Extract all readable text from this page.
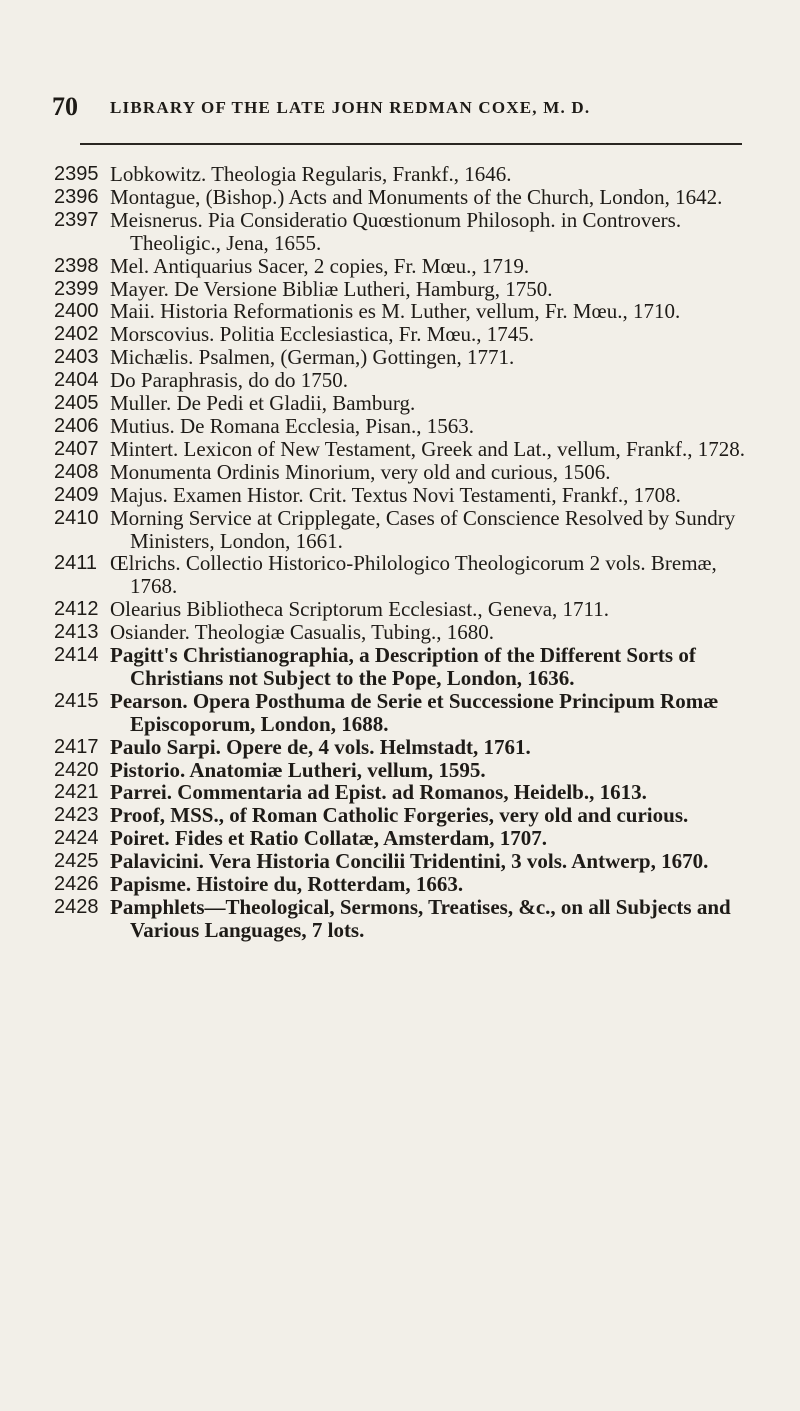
70 LIBRARY OF THE LATE JOHN REDMAN COXE, M. D.
2395 Lobkowitz. Theologia Regularis, Frankf., 1646.
2396 Montague, (Bishop.) Acts and Monuments of the Church, London, 1642.
2397 Meisnerus. Pia Consideratio Quœstionum Philosoph. in Controvers. Theoligic., Jena, 1655.
2398 Mel. Antiquarius Sacer, 2 copies, Fr. Mœu., 1719.
2399 Mayer. De Versione Bibliæ Lutheri, Hamburg, 1750.
2400 Maii. Historia Reformationis es M. Luther, vellum, Fr. Mœu., 1710.
2402 Morscovius. Politia Ecclesiastica, Fr. Mœu., 1745.
2403 Michælis. Psalmen, (German,) Gottingen, 1771.
2404 Do Paraphrasis, do do 1750.
2405 Muller. De Pedi et Gladii, Bamburg.
2406 Mutius. De Romana Ecclesia, Pisan., 1563.
2407 Mintert. Lexicon of New Testament, Greek and Lat., vellum, Frankf., 1728.
2408 Monumenta Ordinis Minorium, very old and curious, 1506.
2409 Majus. Examen Histor. Crit. Textus Novi Testamenti, Frankf., 1708.
2410 Morning Service at Cripplegate, Cases of Conscience Resolved by Sundry Ministers, London, 1661.
2411 Œlrichs. Collectio Historico-Philologico Theologicorum 2 vols. Bremæ, 1768.
2412 Olearius Bibliotheca Scriptorum Ecclesiast., Geneva, 1711.
2413 Osiander. Theologiæ Casualis, Tubing., 1680.
2414 Pagitt's Christianographia, a Description of the Different Sorts of Christians not Subject to the Pope, London, 1636.
2415 Pearson. Opera Posthuma de Serie et Successione Principum Romæ Episcoporum, London, 1688.
2417 Paulo Sarpi. Opere de, 4 vols. Helmstadt, 1761.
2420 Pistorio. Anatomiæ Lutheri, vellum, 1595.
2421 Parrei. Commentaria ad Epist. ad Romanos, Heidelb., 1613.
2423 Proof, MSS., of Roman Catholic Forgeries, very old and curious.
2424 Poiret. Fides et Ratio Collatæ, Amsterdam, 1707.
2425 Palavicini. Vera Historia Concilii Tridentini, 3 vols. Antwerp, 1670.
2426 Papisme. Histoire du, Rotterdam, 1663.
2428 Pamphlets—Theological, Sermons, Treatises, &c., on all Subjects and Various Languages, 7 lots.
